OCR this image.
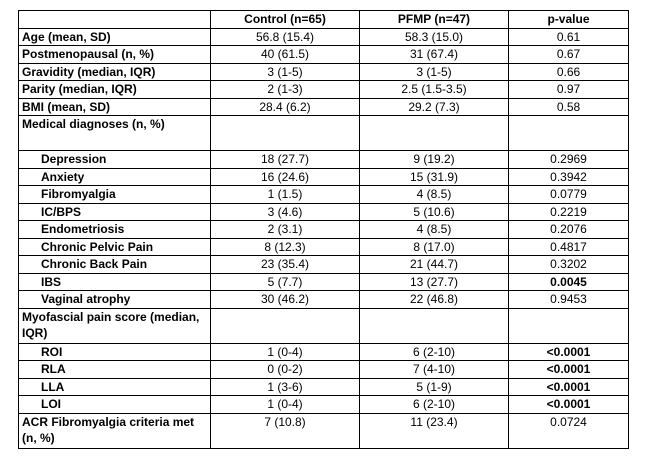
	Control (n=65)	PFMP (n=47)	p-value
Age (mean, SD)	56.8 (15.4)	58.3 (15.0)	0.61
Postmenopausal (n, %)	40 (61.5)	31 (67.4)	0.67
Gravidity (median, IQR)	3 (1-5)	3 (1-5)	0.66
Parity (median, IQR)	2 (1-3)	2.5 (1.5-3.5)	0.97
BMI (mean, SD)	28.4 (6.2)	29.2 (7.3)	0.58
Medical diagnoses (n, %)			
Depression	18 (27.7)	9 (19.2)	0.2969
Anxiety	16 (24.6)	15 (31.9)	0.3942
Fibromyalgia	1 (1.5)	4 (8.5)	0.0779
IC/BPS	3 (4.6)	5 (10.6)	0.2219
Endometriosis	2 (3.1)	4 (8.5)	0.2076
Chronic Pelvic Pain	8 (12.3)	8 (17.0)	0.4817
Chronic Back Pain	23 (35.4)	21 (44.7)	0.3202
IBS	5 (7.7)	13 (27.7)	0.0045
Vaginal atrophy	30 (46.2)	22 (46.8)	0.9453
Myofascial pain score (median, IQR)			
ROI	1 (0-4)	6 (2-10)	<0.0001
RLA	0 (0-2)	7 (4-10)	<0.0001
LLA	1 (3-6)	5 (1-9)	<0.0001
LOI	1 (0-4)	6 (2-10)	<0.0001
ACR Fibromyalgia criteria met (n, %)	7 (10.8)	11 (23.4)	0.0724
